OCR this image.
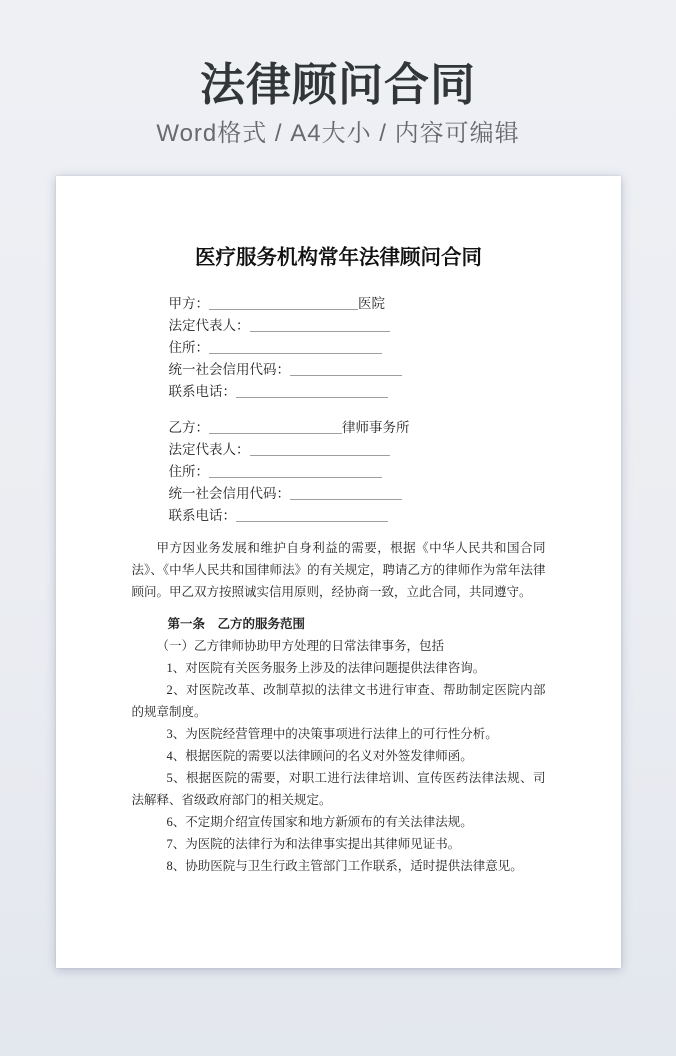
法律顾问合同
Word格式 / A4大小 / 内容可编辑
医疗服务机构常年法律顾问合同
甲方：	医院
法定代表人：
住所：
统一社会信用代码：
联系电话：
乙方：	律师事务所
法定代表人：
住所：
统一社会信用代码：
联系电话：

甲方因业务发展和维护自身利益的需要，根据《中华人民共和国合同法》、《中华人民共和国律师法》的有关规定，聘请乙方的律师作为常年法律顾问。甲乙双方按照诚实信用原则，经协商一致，立此合同，共同遵守。

第一条　乙方的服务范围

（一）乙方律师协助甲方处理的日常法律事务，包括

1、对医院有关医务服务上涉及的法律问题提供法律咨询。

2、对医院改革、改制草拟的法律文书进行审查、帮助制定医院内部的规章制度。

3、为医院经营管理中的决策事项进行法律上的可行性分析。

4、根据医院的需要以法律顾问的名义对外签发律师函。

5、根据医院的需要，对职工进行法律培训、宣传医药法律法规、司法解释、省级政府部门的相关规定。

6、不定期介绍宣传国家和地方新颁布的有关法律法规。

7、为医院的法律行为和法律事实提出其律师见证书。

8、协助医院与卫生行政主管部门工作联系，适时提供法律意见。
